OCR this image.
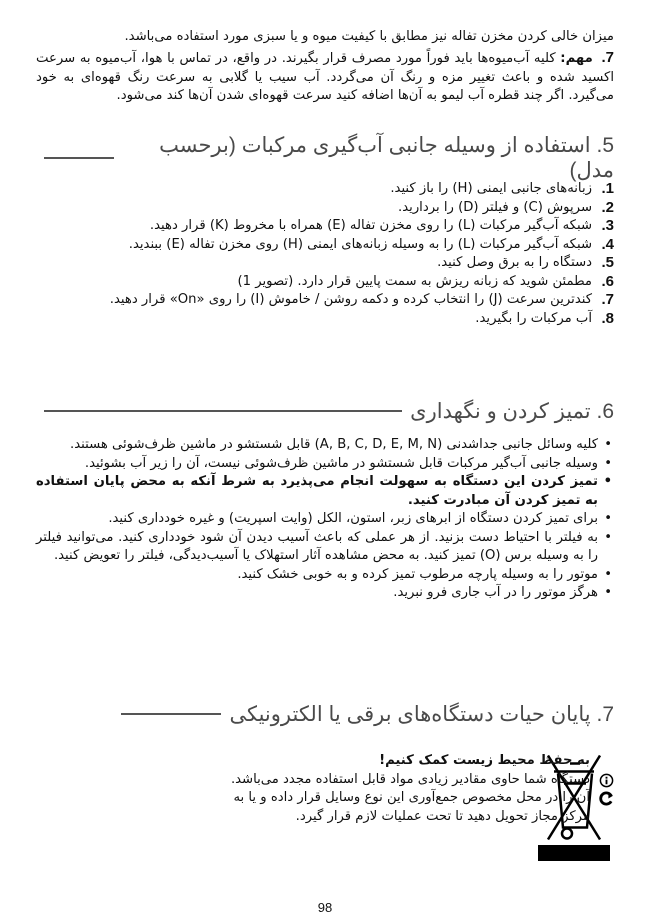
میزان خالی کردن مخزن تفاله نیز مطابق با کیفیت میوه و یا سبزی مورد استفاده می‌باشد.
7. مهم: کلیه آب‌میوه‌ها باید فوراً مورد مصرف قرار بگیرند. در واقع، در تماس با هوا، آب‌میوه به سرعت اکسید شده و باعث تغییر مزه و رنگ آن می‌گردد. آب سیب یا گلابی به سرعت رنگ قهوه‌ای به خود می‌گیرد. اگر چند قطره آب لیمو به آن‌ها اضافه کنید سرعت قهوه‌ای شدن آن‌ها کند می‌شود.
5. استفاده از وسیله جانبی آب‌گیری مرکبات (برحسب مدل)
1.
زبانه‌های جانبی ایمنی (H) را باز کنید.
2.
سرپوش (C) و فیلتر (D) را بردارید.
3.
شبکه آب‌گیر مرکبات (L) را روی مخزن تفاله (E) همراه با مخروط (K) قرار دهید.
4.
شبکه آب‌گیر مرکبات (L) را به وسیله زبانه‌های ایمنی (H) روی مخزن تفاله (E) ببندید.
5.
دستگاه را به برق وصل کنید.
6.
مطمئن شوید که زبانه ریزش به سمت پایین قرار دارد. (تصویر 1)
7.
کندترین سرعت (J) را انتخاب کرده و دکمه روشن / خاموش (I) را روی «On» قرار دهید.
8.
آب مرکبات را بگیرید.
6. تمیز کردن و نگهداری
• کلیه وسائل جانبی جداشدنی (A, B, C, D, E, M, N) قابل شستشو در ماشین ظرف‌شوئی هستند.
• وسیله جانبی آب‌گیر مرکبات قابل شستشو در ماشین ظرف‌شوئی نیست، آن را زیر آب بشوئید.
• تمیز کردن این دستگاه به سهولت انجام می‌پذیرد به شرط آنکه به محض پایان استفاده به تمیز کردن آن مبادرت کنید.
• برای تمیز کردن دستگاه از ابرهای زبر، استون، الکل (وایت اسپریت) و غیره خودداری کنید.
• به فیلتر با احتیاط دست بزنید. از هر عملی که باعث آسیب دیدن آن شود خودداری کنید. می‌توانید فیلتر را به وسیله برس (O) تمیز کنید. به محض مشاهده آثار استهلاک یا آسیب‌دیدگی، فیلتر را تعویض کنید.
• موتور را به وسیله پارچه مرطوب تمیز کرده و به خوبی خشک کنید.
• هرگز موتور را در آب جاری فرو نبرید.
7. پایان حیات دستگاه‌های برقی یا الکترونیکی
به حفظ محیط زیست کمک کنیم!
دستگاه شما حاوی مقادیر زیادی مواد قابل استفاده مجدد می‌باشد.
آن را در محل مخصوص جمع‌آوری این نوع وسایل قرار داده و یا به مرکز مجاز تحویل دهید تا تحت عملیات لازم قرار گیرد.
98
